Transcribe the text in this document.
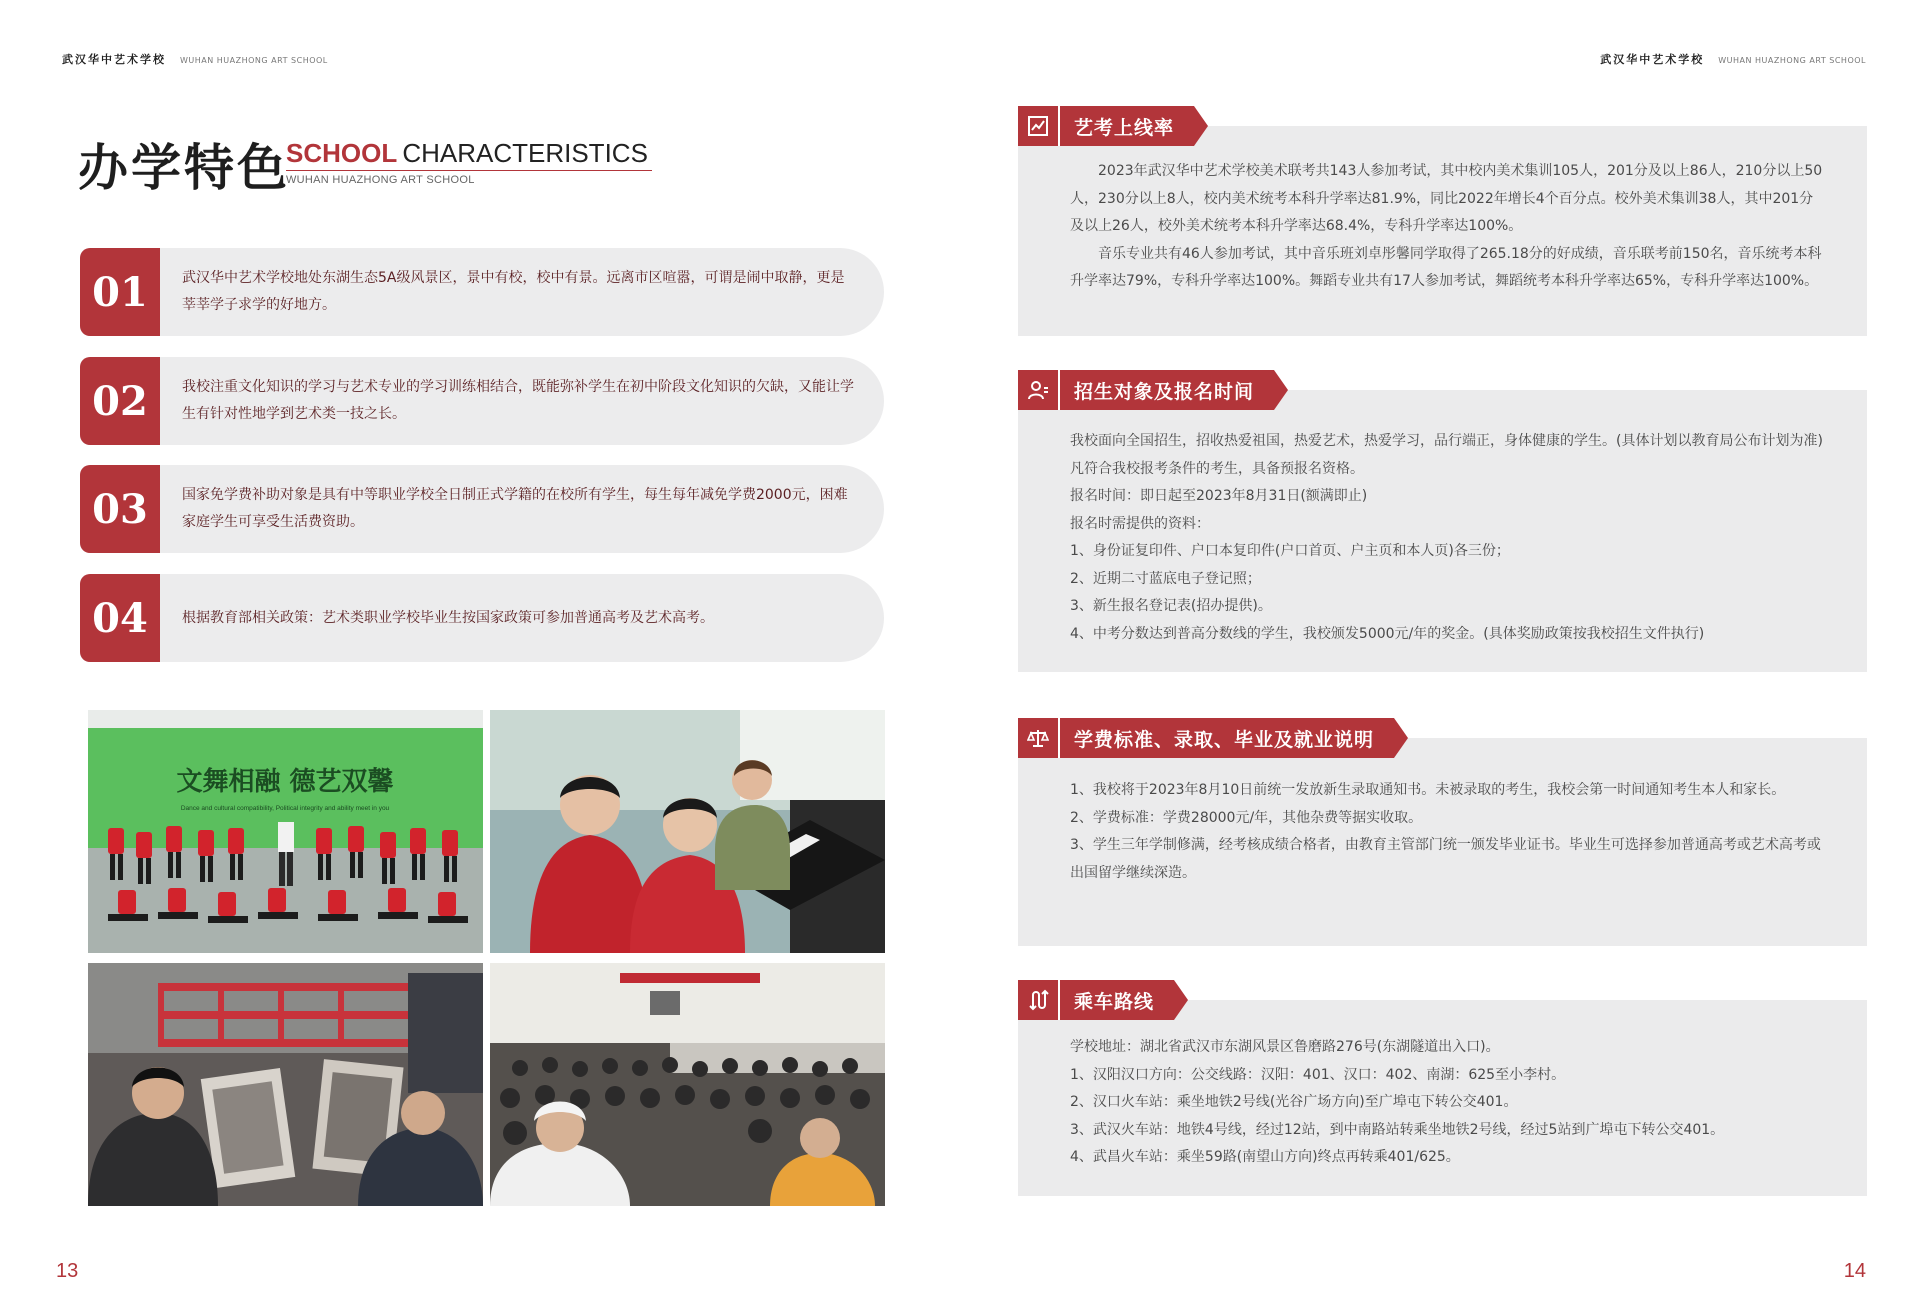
武汉华中艺术学校 WUHAN HUAZHONG ART SCHOOL	武汉华中艺术学校 WUHAN HUAZHONG ART SCHOOL
办学特色
SCHOOL CHARACTERISTICS
WUHAN HUAZHONG ART SCHOOL
01	武汉华中艺术学校地处东湖生态5A级风景区，景中有校，校中有景。远离市区喧嚣，可谓是闹中取静，更是莘莘学子求学的好地方。
02	我校注重文化知识的学习与艺术专业的学习训练相结合，既能弥补学生在初中阶段文化知识的欠缺，又能让学生有针对性地学到艺术类一技之长。
03	国家免学费补助对象是具有中等职业学校全日制正式学籍的在校所有学生，每生每年减免学费2000元，困难家庭学生可享受生活费资助。
04	根据教育部相关政策：艺术类职业学校毕业生按国家政策可参加普通高考及艺术高考。
文舞相融 德艺双馨
Dance and cultural compatibility, Political integrity and ability meet in you
艺考上线率

2023年武汉华中艺术学校美术联考共143人参加考试，其中校内美术集训105人，201分及以上86人，210分以上50人，230分以上8人，校内美术统考本科升学率达81.9%，同比2022年增长4个百分点。校外美术集训38人，其中201分及以上26人，校外美术统考本科升学率达68.4%，专科升学率达100%。

音乐专业共有46人参加考试，其中音乐班刘卓彤馨同学取得了265.18分的好成绩，音乐联考前150名，音乐统考本科升学率达79%，专科升学率达100%。舞蹈专业共有17人参加考试，舞蹈统考本科升学率达65%，专科升学率达100%。

招生对象及报名时间

我校面向全国招生，招收热爱祖国，热爱艺术，热爱学习，品行端正，身体健康的学生。(具体计划以教育局公布计划为准)凡符合我校报考条件的考生，具备预报名资格。

报名时间：即日起至2023年8月31日(额满即止)

报名时需提供的资料：

1、身份证复印件、户口本复印件(户口首页、户主页和本人页)各三份；

2、近期二寸蓝底电子登记照；

3、新生报名登记表(招办提供)。

4、中考分数达到普高分数线的学生，我校颁发5000元/年的奖金。(具体奖励政策按我校招生文件执行)

学费标准、录取、毕业及就业说明

1、我校将于2023年8月10日前统一发放新生录取通知书。未被录取的考生，我校会第一时间通知考生本人和家长。

2、学费标准：学费28000元/年，其他杂费等据实收取。

3、学生三年学制修满，经考核成绩合格者，由教育主管部门统一颁发毕业证书。毕业生可选择参加普通高考或艺术高考或出国留学继续深造。

乘车路线

学校地址：湖北省武汉市东湖风景区鲁磨路276号(东湖隧道出入口)。

1、汉阳汉口方向：公交线路：汉阳：401、汉口：402、南湖：625至小李村。

2、汉口火车站：乘坐地铁2号线(光谷广场方向)至广埠屯下转公交401。

3、武汉火车站：地铁4号线，经过12站，到中南路站转乘坐地铁2号线，经过5站到广埠屯下转公交401。

4、武昌火车站：乘坐59路(南望山方向)终点再转乘401/625。

13	14
